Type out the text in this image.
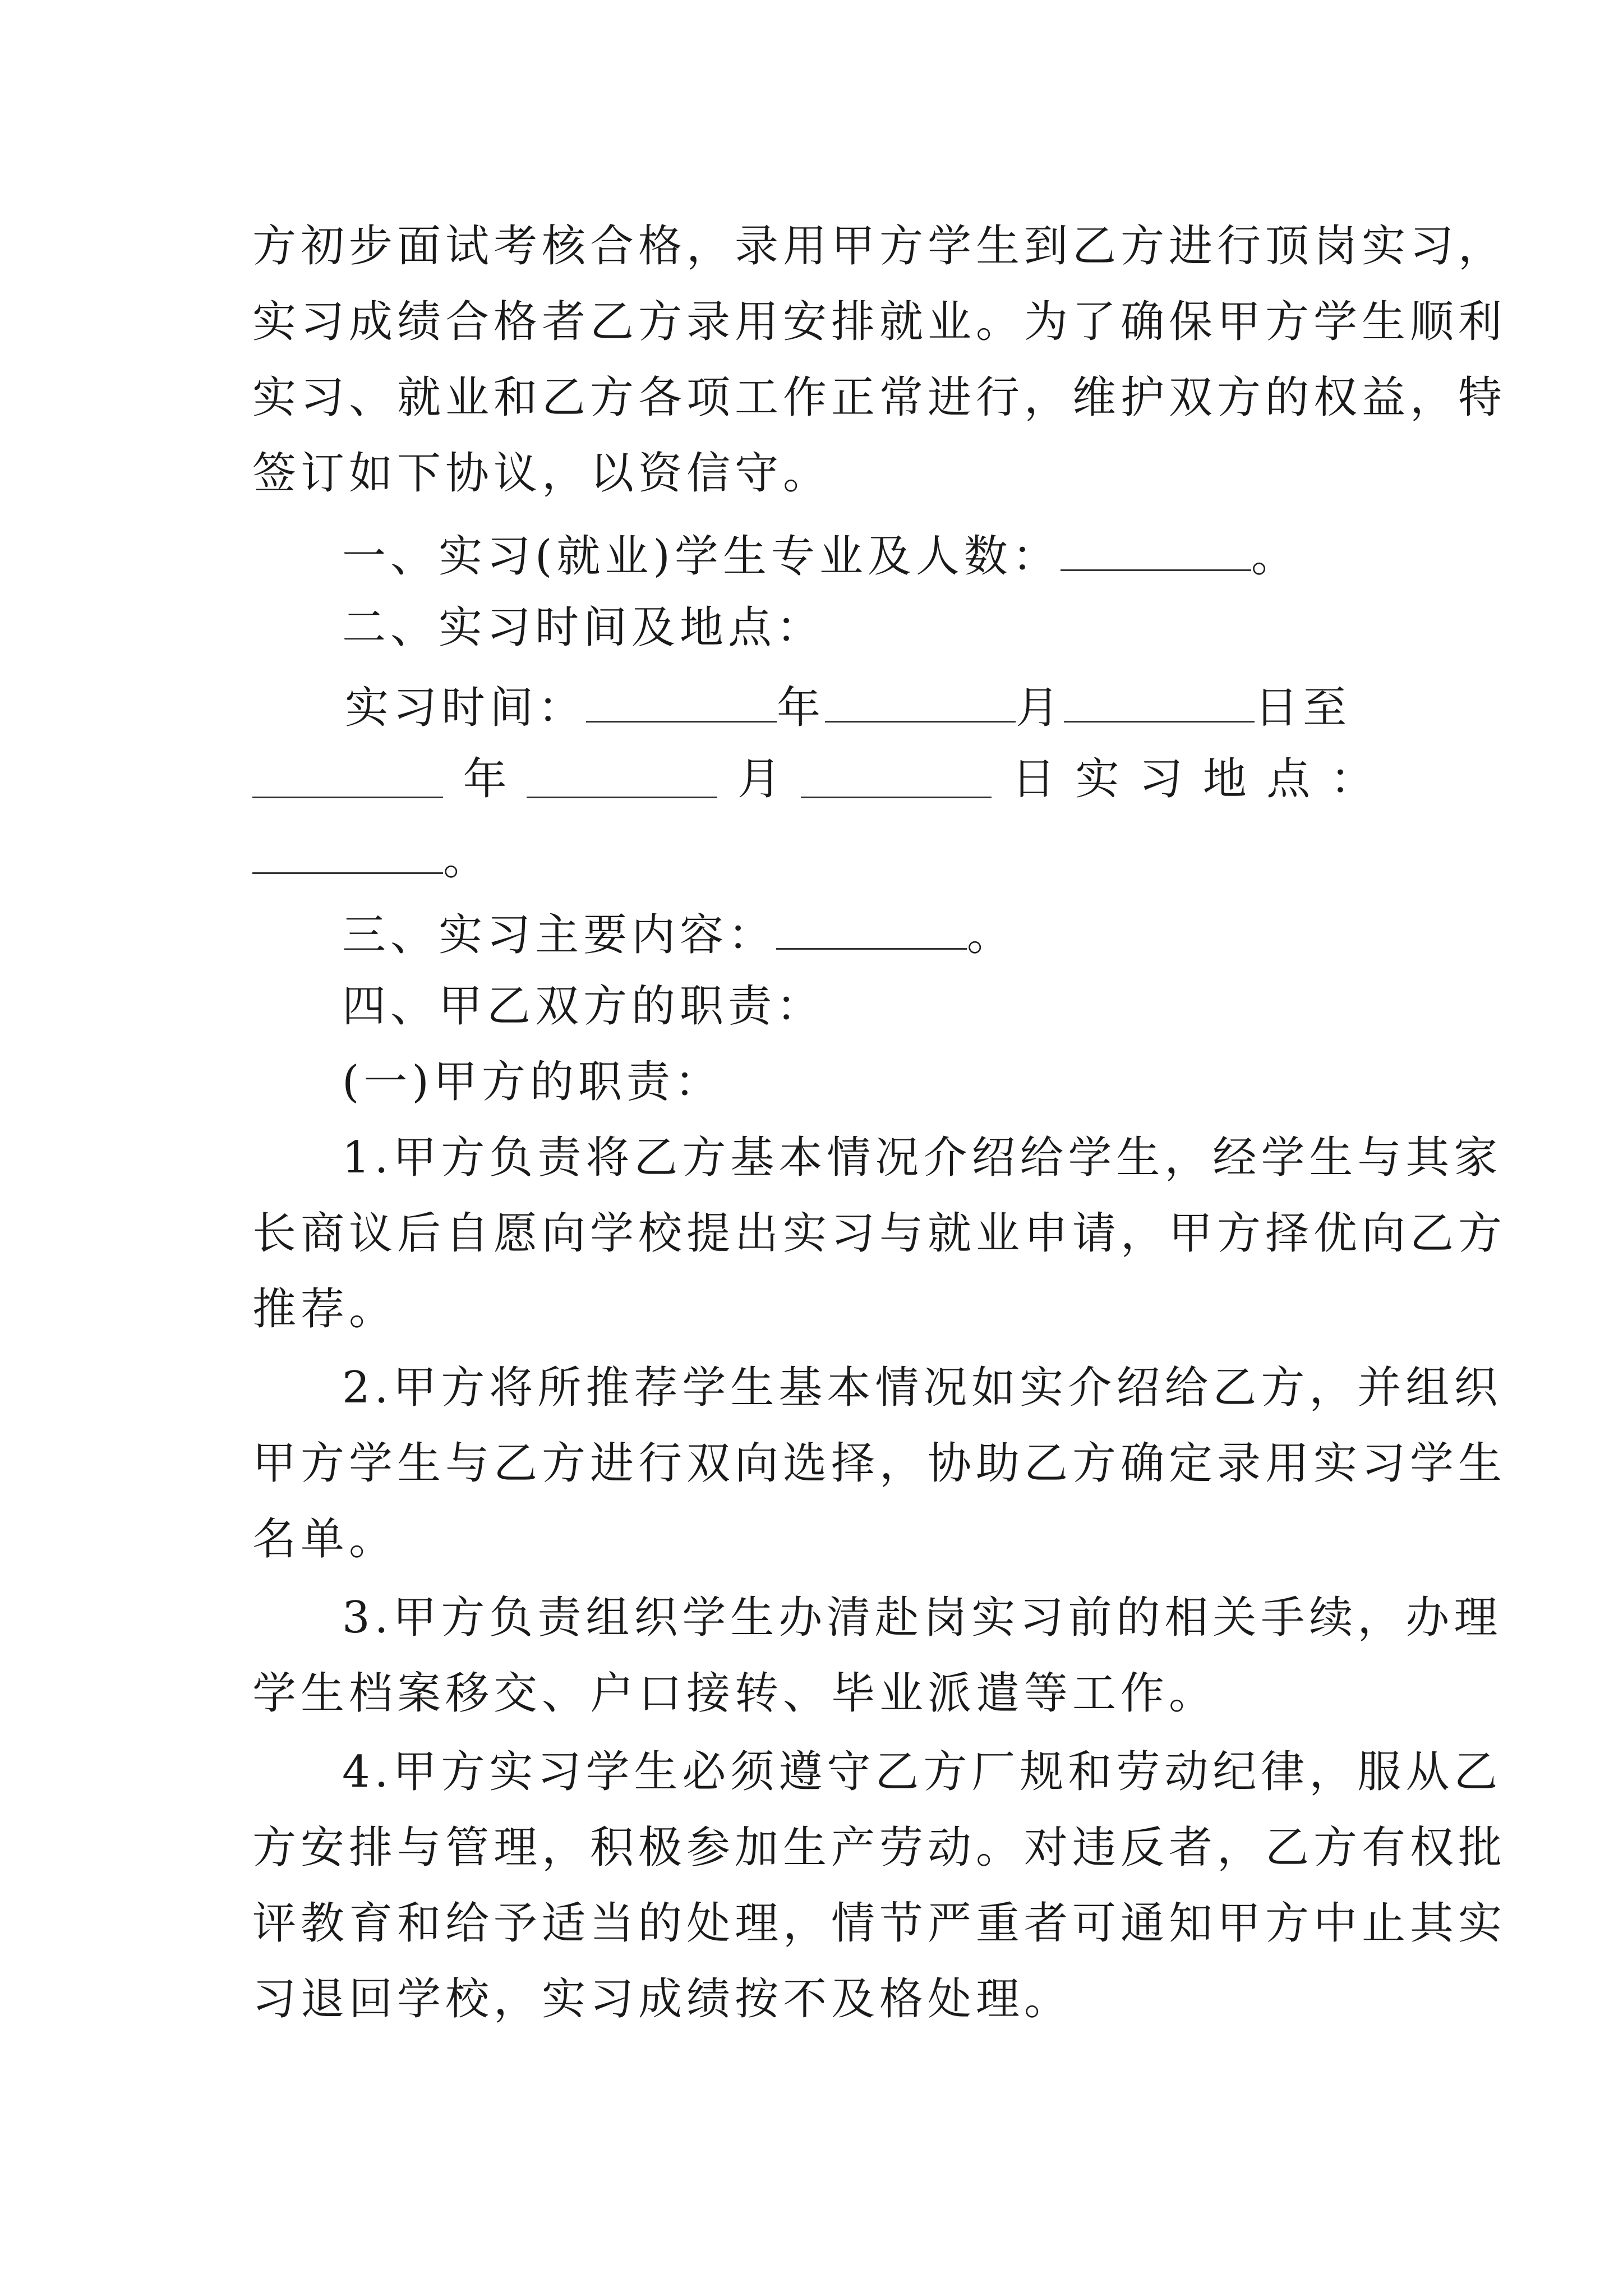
方初步面试考核合格，录用甲方学生到乙方进行顶岗实习，
实习成绩合格者乙方录用安排就业。为了确保甲方学生顺利
实习、就业和乙方各项工作正常进行，维护双方的权益，特
签订如下协议，以资信守。
一、实习(就业)学生专业及人数：	。
二、实习时间及地点：
实习时间：	年	月	日至
年	月	日 实 习 地 点 ：
。
三、实习主要内容：	。
四、甲乙双方的职责：
(一)甲方的职责：
1.甲方负责将乙方基本情况介绍给学生，经学生与其家
长商议后自愿向学校提出实习与就业申请，甲方择优向乙方
推荐。
2.甲方将所推荐学生基本情况如实介绍给乙方，并组织
甲方学生与乙方进行双向选择，协助乙方确定录用实习学生
名单。
3.甲方负责组织学生办清赴岗实习前的相关手续，办理
学生档案移交、户口接转、毕业派遣等工作。
4.甲方实习学生必须遵守乙方厂规和劳动纪律，服从乙
方安排与管理，积极参加生产劳动。对违反者，乙方有权批
评教育和给予适当的处理，情节严重者可通知甲方中止其实
习退回学校，实习成绩按不及格处理。
